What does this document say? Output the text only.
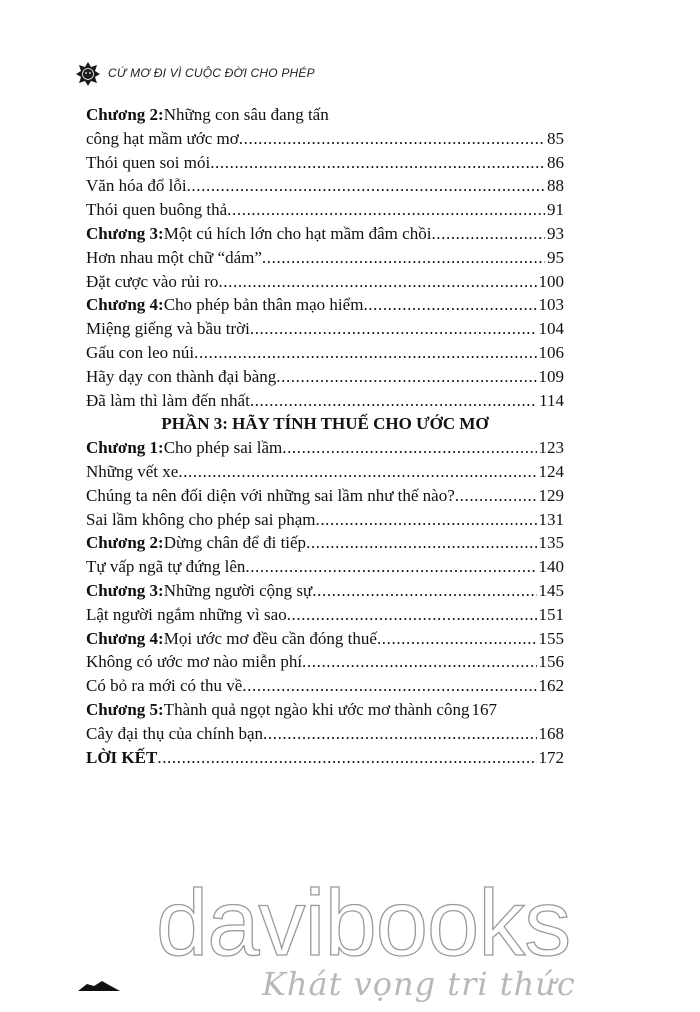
CỨ MƠ ĐI VÌ CUỘC ĐỜI CHO PHÉP
Chương 2: Những con sâu đang tấn
công hạt mầm ước mơ .....	85
Thói quen soi mói .....	86
Văn hóa đổ lỗi .....	88
Thói quen buông thả .....	91
Chương 3: Một cú hích lớn cho hạt mầm đâm chồi .....	93
Hơn nhau một chữ “dám” .....	95
Đặt cược vào rủi ro .....	100
Chương 4: Cho phép bản thân mạo hiểm .....	103
Miệng giếng và bầu trời .....	104
Gấu con leo núi .....	106
Hãy dạy con thành đại bàng .....	109
Đã làm thì làm đến nhất .....	114
PHẦN 3: HÃY TÍNH THUẾ CHO ƯỚC MƠ
Chương 1: Cho phép sai lầm .....	123
Những vết xe .....	124
Chúng ta nên đối diện với những sai lầm như thế nào? .....	129
Sai lầm không cho phép sai phạm .....	131
Chương 2: Dừng chân để đi tiếp .....	135
Tự vấp ngã tự đứng lên .....	140
Chương 3: Những người cộng sự .....	145
Lật người ngắm những vì sao .....	151
Chương 4: Mọi ước mơ đều cần đóng thuế .....	155
Không có ước mơ nào miễn phí .....	156
Có bỏ ra mới có thu về .....	162
Chương 5: Thành quả ngọt ngào khi ước mơ thành công 167
Cây đại thụ của chính bạn .....	168
LỜI KẾT .....	172
davibooks
Khát vọng tri thức
